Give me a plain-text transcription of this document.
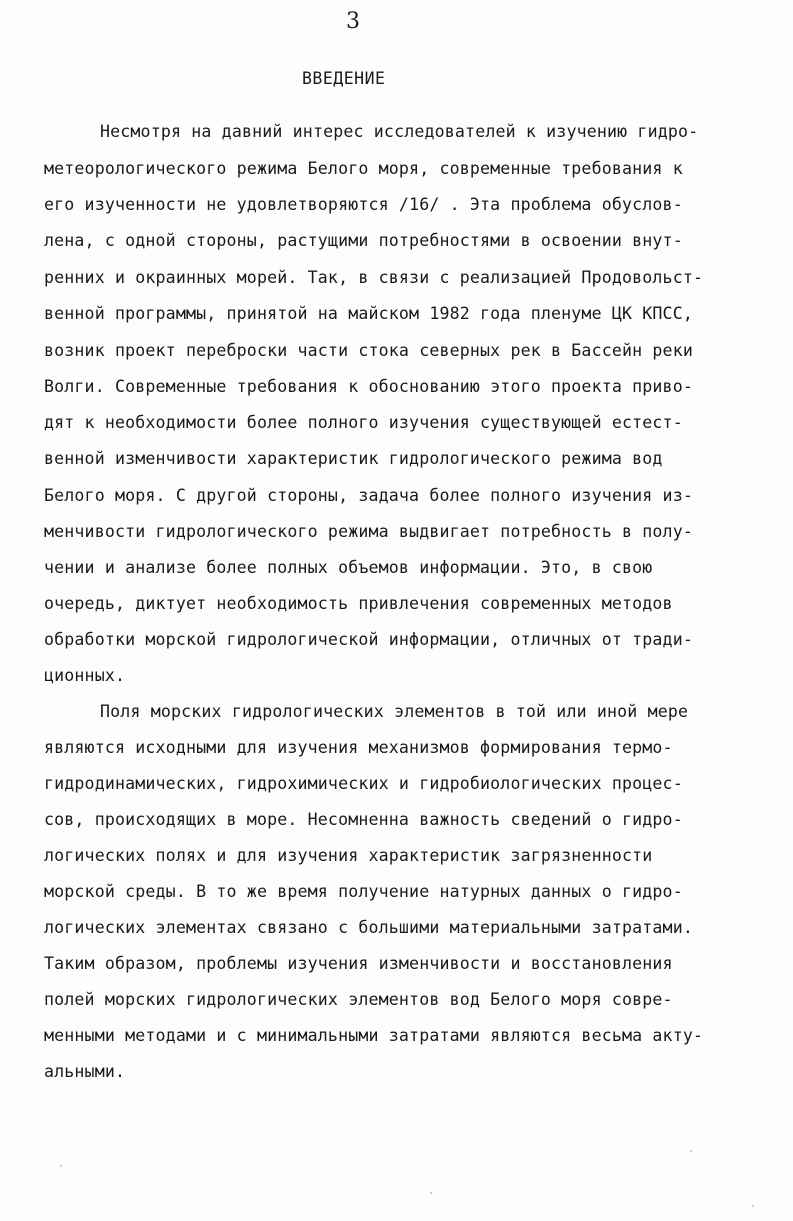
3
ВВЕДЕНИЕ
Несмотря на давний интерес исследователей к изучению гидро-
метеорологического режима Белого моря, современные требования к
его изученности не удовлетворяются /16/ . Эта проблема обуслов-
лена, с одной стороны, растущими потребностями в освоении внут-
ренних и окраинных морей. Так, в связи с реализацией Продовольст-
венной программы, принятой на майском 1982 года пленуме ЦК КПСС,
возник проект переброски части стока северных рек в Бассейн реки
Волги. Современные требования к обоснованию этого проекта приво-
дят к необходимости более полного изучения существующей естест-
венной изменчивости характеристик гидрологического режима вод
Белого моря. С другой стороны, задача более полного изучения из-
менчивости гидрологического режима выдвигает потребность в полу-
чении и анализе более полных объемов информации. Это, в свою
очередь, диктует необходимость привлечения современных методов
обработки морской гидрологической информации, отличных от тради-
ционных.
Поля морских гидрологических элементов в той или иной мере
являются исходными для изучения механизмов формирования термо-
гидродинамических, гидрохимических и гидробиологических процес-
сов, происходящих в море. Несомненна важность сведений о гидро-
логических полях и для изучения характеристик загрязненности
морской среды. В то же время получение натурных данных о гидро-
логических элементах связано с большими материальными затратами.
Таким образом, проблемы изучения изменчивости и восстановления
полей морских гидрологических элементов вод Белого моря совре-
менными методами и с минимальными затратами являются весьма акту-
альными.
